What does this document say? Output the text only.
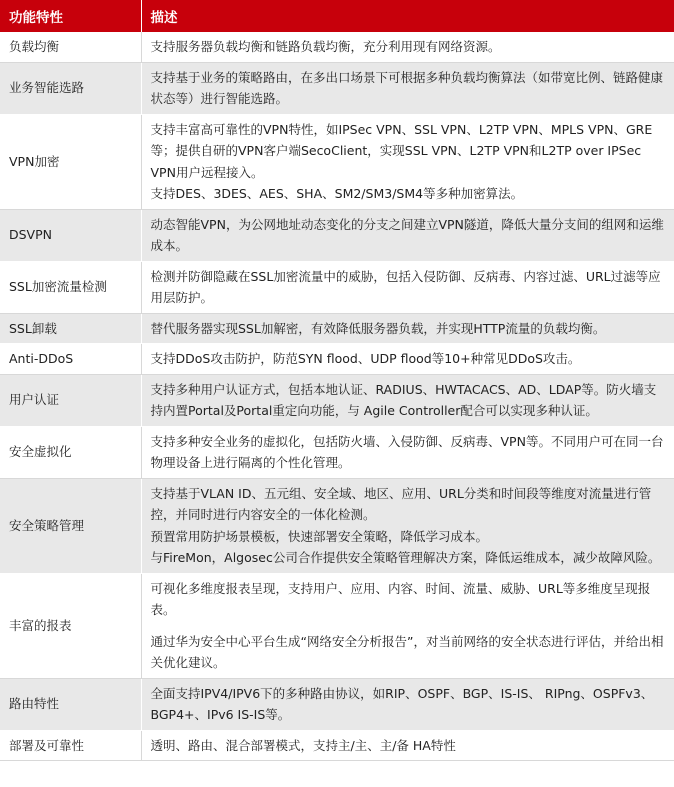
功能特性	描述
负载均衡	支持服务器负载均衡和链路负载均衡，充分利用现有网络资源。

业务智能选路	支持基于业务的策略路由，在多出口场景下可根据多种负载均衡算法（如带宽比例、链路健康状态等）进行智能选路。

VPN加密	支持丰富高可靠性的VPN特性，如IPSec VPN、SSL VPN、L2TP VPN、MPLS VPN、GRE等；提供自研的VPN客户端SecoClient，实现SSL VPN、L2TP VPN和L2TP over IPSec VPN用户远程接入。
支持DES、3DES、AES、SHA、SM2/SM3/SM4等多种加密算法。

DSVPN	动态智能VPN，为公网地址动态变化的分支之间建立VPN隧道，降低大量分支间的组网和运维成本。

SSL加密流量检测	检测并防御隐藏在SSL加密流量中的威胁，包括入侵防御、反病毒、内容过滤、URL过滤等应用层防护。

SSL卸载	替代服务器实现SSL加解密，有效降低服务器负载，并实现HTTP流量的负载均衡。

Anti-DDoS	支持DDoS攻击防护，防范SYN flood、UDP flood等10+种常见DDoS攻击。

用户认证	支持多种用户认证方式，包括本地认证、RADIUS、HWTACACS、AD、LDAP等。防火墙支持内置Portal及Portal重定向功能，与 Agile Controller配合可以实现多种认证。

安全虚拟化	支持多种安全业务的虚拟化，包括防火墙、入侵防御、反病毒、VPN等。不同用户可在同一台物理设备上进行隔离的个性化管理。

安全策略管理	支持基于VLAN ID、五元组、安全域、地区、应用、URL分类和时间段等维度对流量进行管控，并同时进行内容安全的一体化检测。
预置常用防护场景模板，快速部署安全策略，降低学习成本。
与FireMon，Algosec公司合作提供安全策略管理解决方案，降低运维成本，减少故障风险。

丰富的报表	可视化多维度报表呈现，支持用户、应用、内容、时间、流量、威胁、URL等多维度呈现报表。
通过华为安全中心平台生成“网络安全分析报告”，对当前网络的安全状态进行评估，并给出相关优化建议。

路由特性	全面支持IPV4/IPV6下的多种路由协议，如RIP、OSPF、BGP、IS-IS、 RIPng、OSPFv3、BGP4+、IPv6 IS-IS等。

部署及可靠性	透明、路由、混合部署模式，支持主/主、主/备 HA特性
